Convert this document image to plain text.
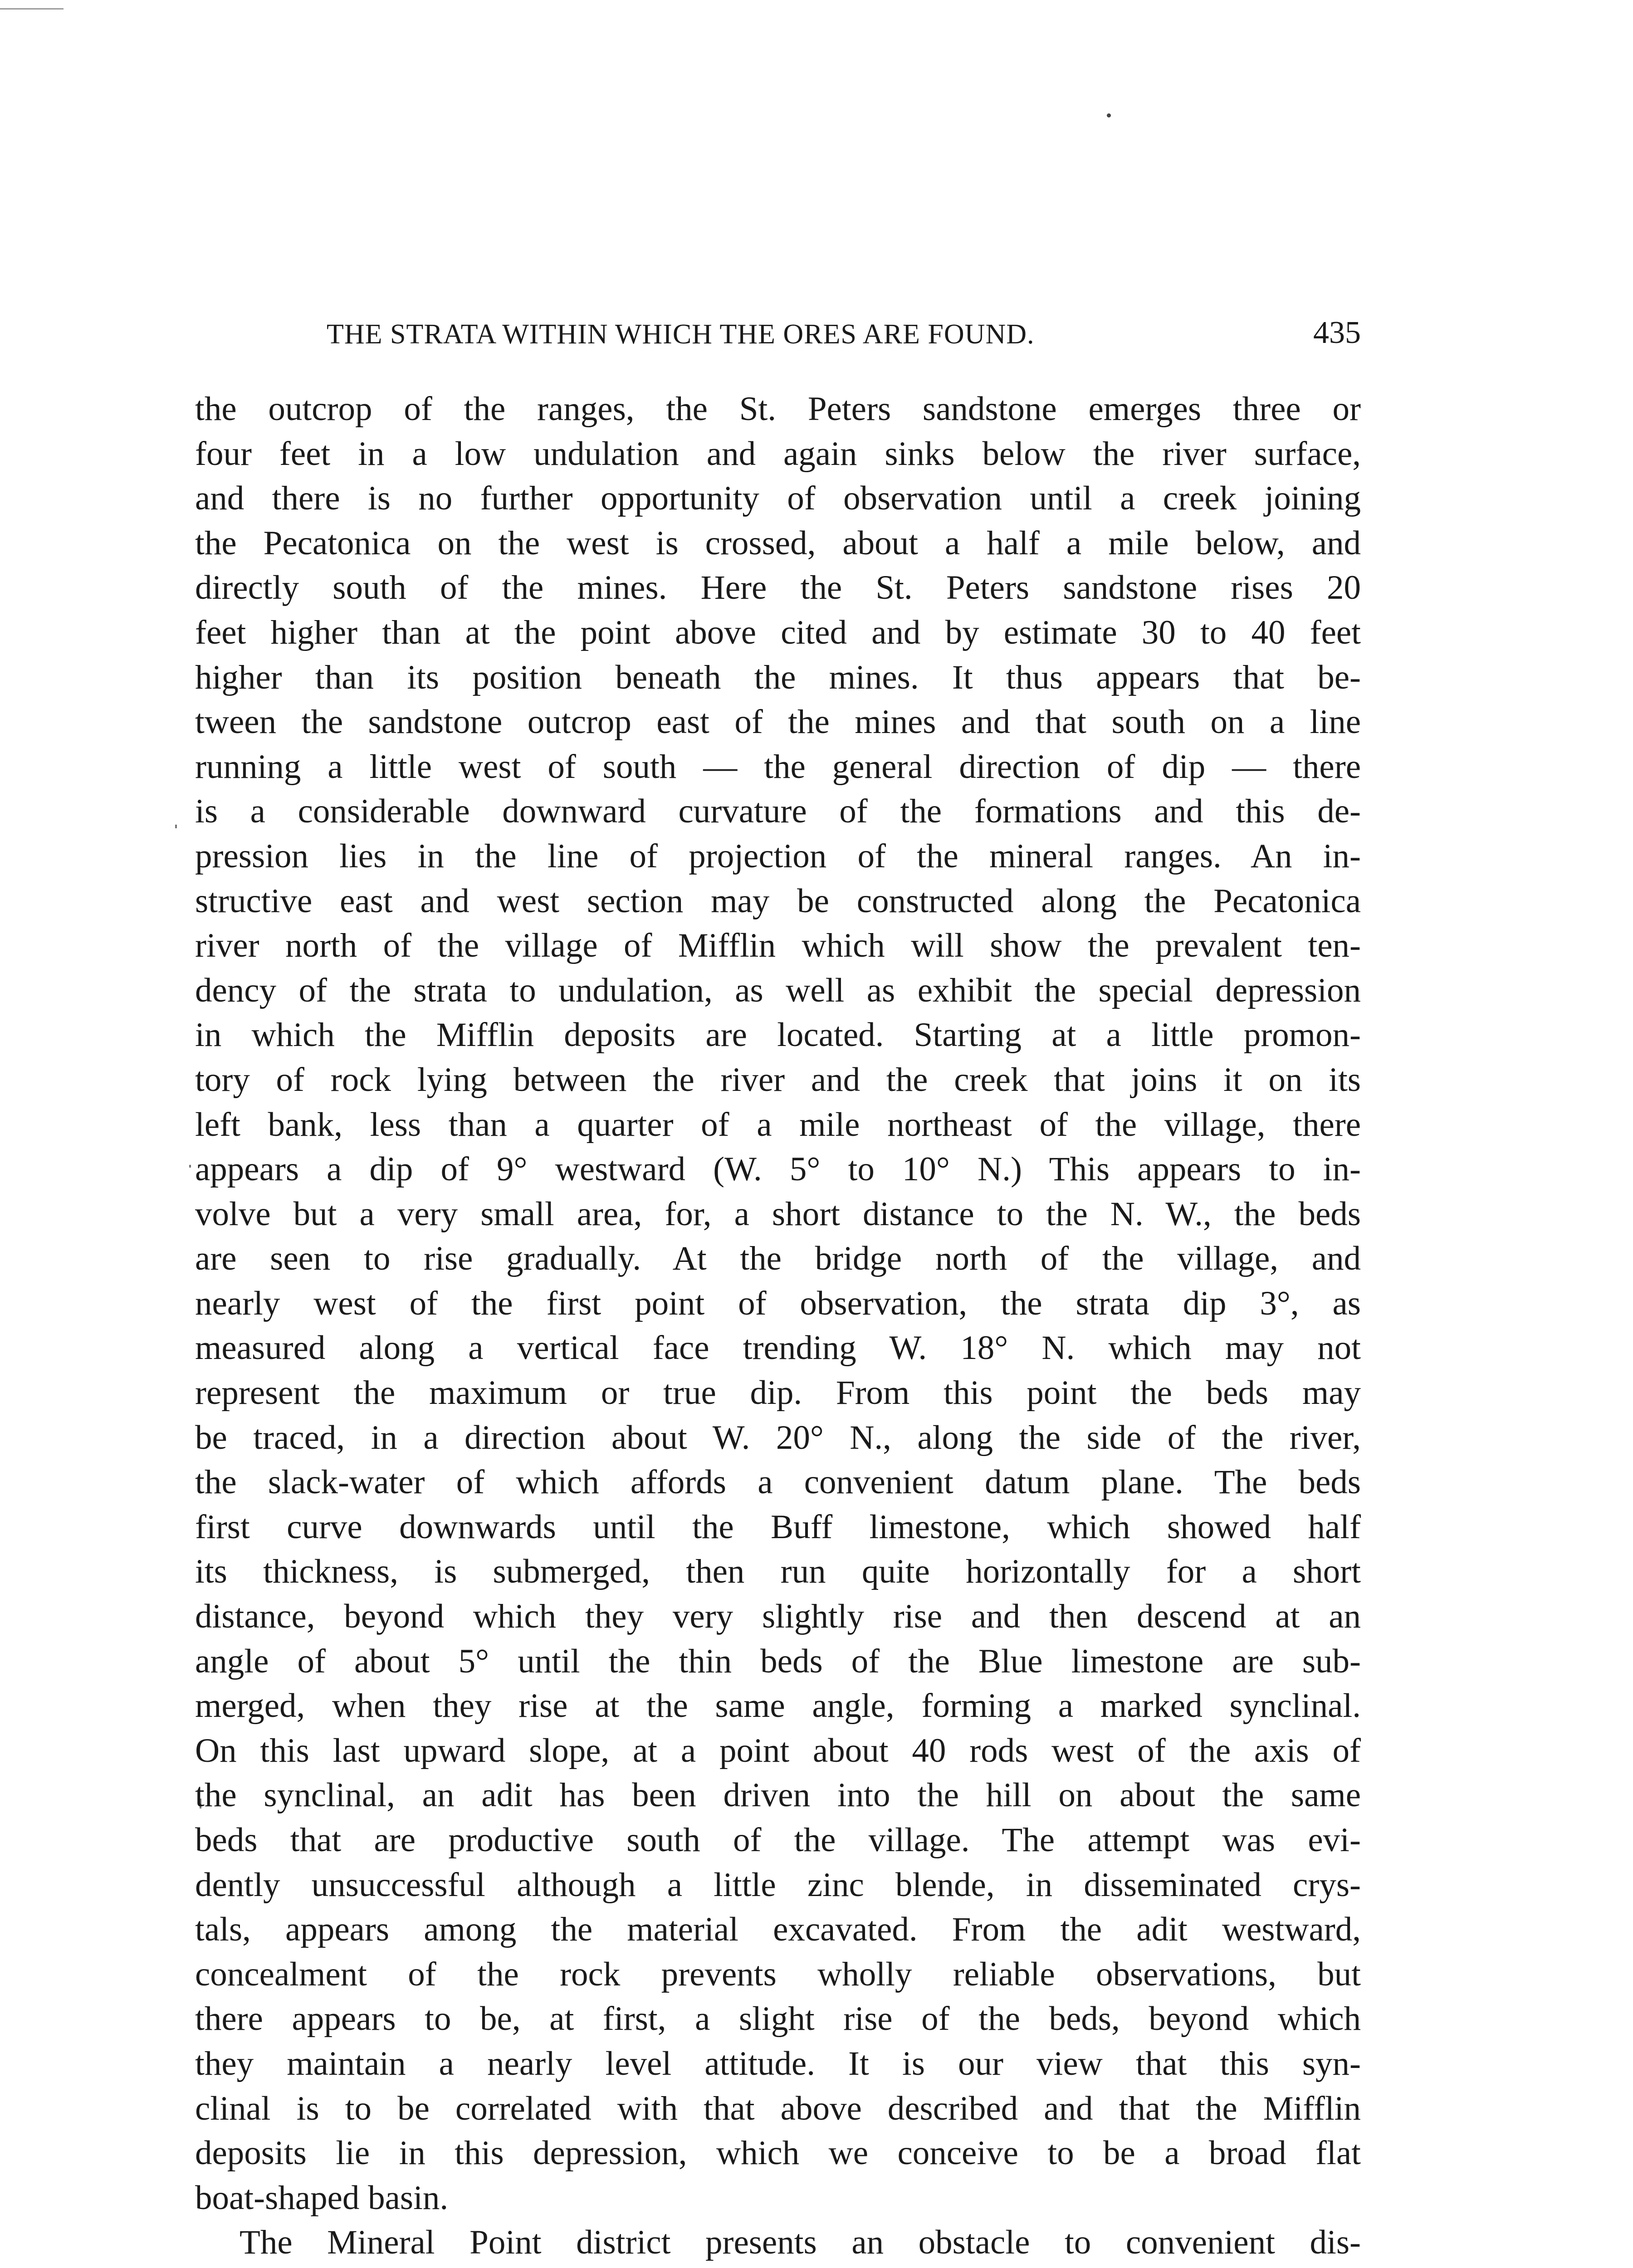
THE STRATA WITHIN WHICH THE ORES ARE FOUND.	435
the outcrop of the ranges, the St. Peters sandstone emerges three or
four feet in a low undulation and again sinks below the river surface,
and there is no further opportunity of observation until a creek joining
the Pecatonica on the west is crossed, about a half a mile below, and
directly south of the mines. Here the St. Peters sandstone rises 20
feet higher than at the point above cited and by estimate 30 to 40 feet
higher than its position beneath the mines. It thus appears that be-
tween the sandstone outcrop east of the mines and that south on a line
running a little west of south — the general direction of dip — there
is a considerable downward curvature of the formations and this de-
pression lies in the line of projection of the mineral ranges. An in-
structive east and west section may be constructed along the Pecatonica
river north of the village of Mifflin which will show the prevalent ten-
dency of the strata to undulation, as well as exhibit the special depression
in which the Mifflin deposits are located. Starting at a little promon-
tory of rock lying between the river and the creek that joins it on its
left bank, less than a quarter of a mile northeast of the village, there
appears a dip of 9° westward (W. 5° to 10° N.) This appears to in-
volve but a very small area, for, a short distance to the N. W., the beds
are seen to rise gradually. At the bridge north of the village, and
nearly west of the first point of observation, the strata dip 3°, as
measured along a vertical face trending W. 18° N. which may not
represent the maximum or true dip. From this point the beds may
be traced, in a direction about W. 20° N., along the side of the river,
the slack-water of which affords a convenient datum plane. The beds
first curve downwards until the Buff limestone, which showed half
its thickness, is submerged, then run quite horizontally for a short
distance, beyond which they very slightly rise and then descend at an
angle of about 5° until the thin beds of the Blue limestone are sub-
merged, when they rise at the same angle, forming a marked synclinal.
On this last upward slope, at a point about 40 rods west of the axis of
the synclinal, an adit has been driven into the hill on about the same
beds that are productive south of the village. The attempt was evi-
dently unsuccessful although a little zinc blende, in disseminated crys-
tals, appears among the material excavated. From the adit westward,
concealment of the rock prevents wholly reliable observations, but
there appears to be, at first, a slight rise of the beds, beyond which
they maintain a nearly level attitude. It is our view that this syn-
clinal is to be correlated with that above described and that the Mifflin
deposits lie in this depression, which we conceive to be a broad flat
boat-shaped basin.
The Mineral Point district presents an obstacle to convenient dis-
